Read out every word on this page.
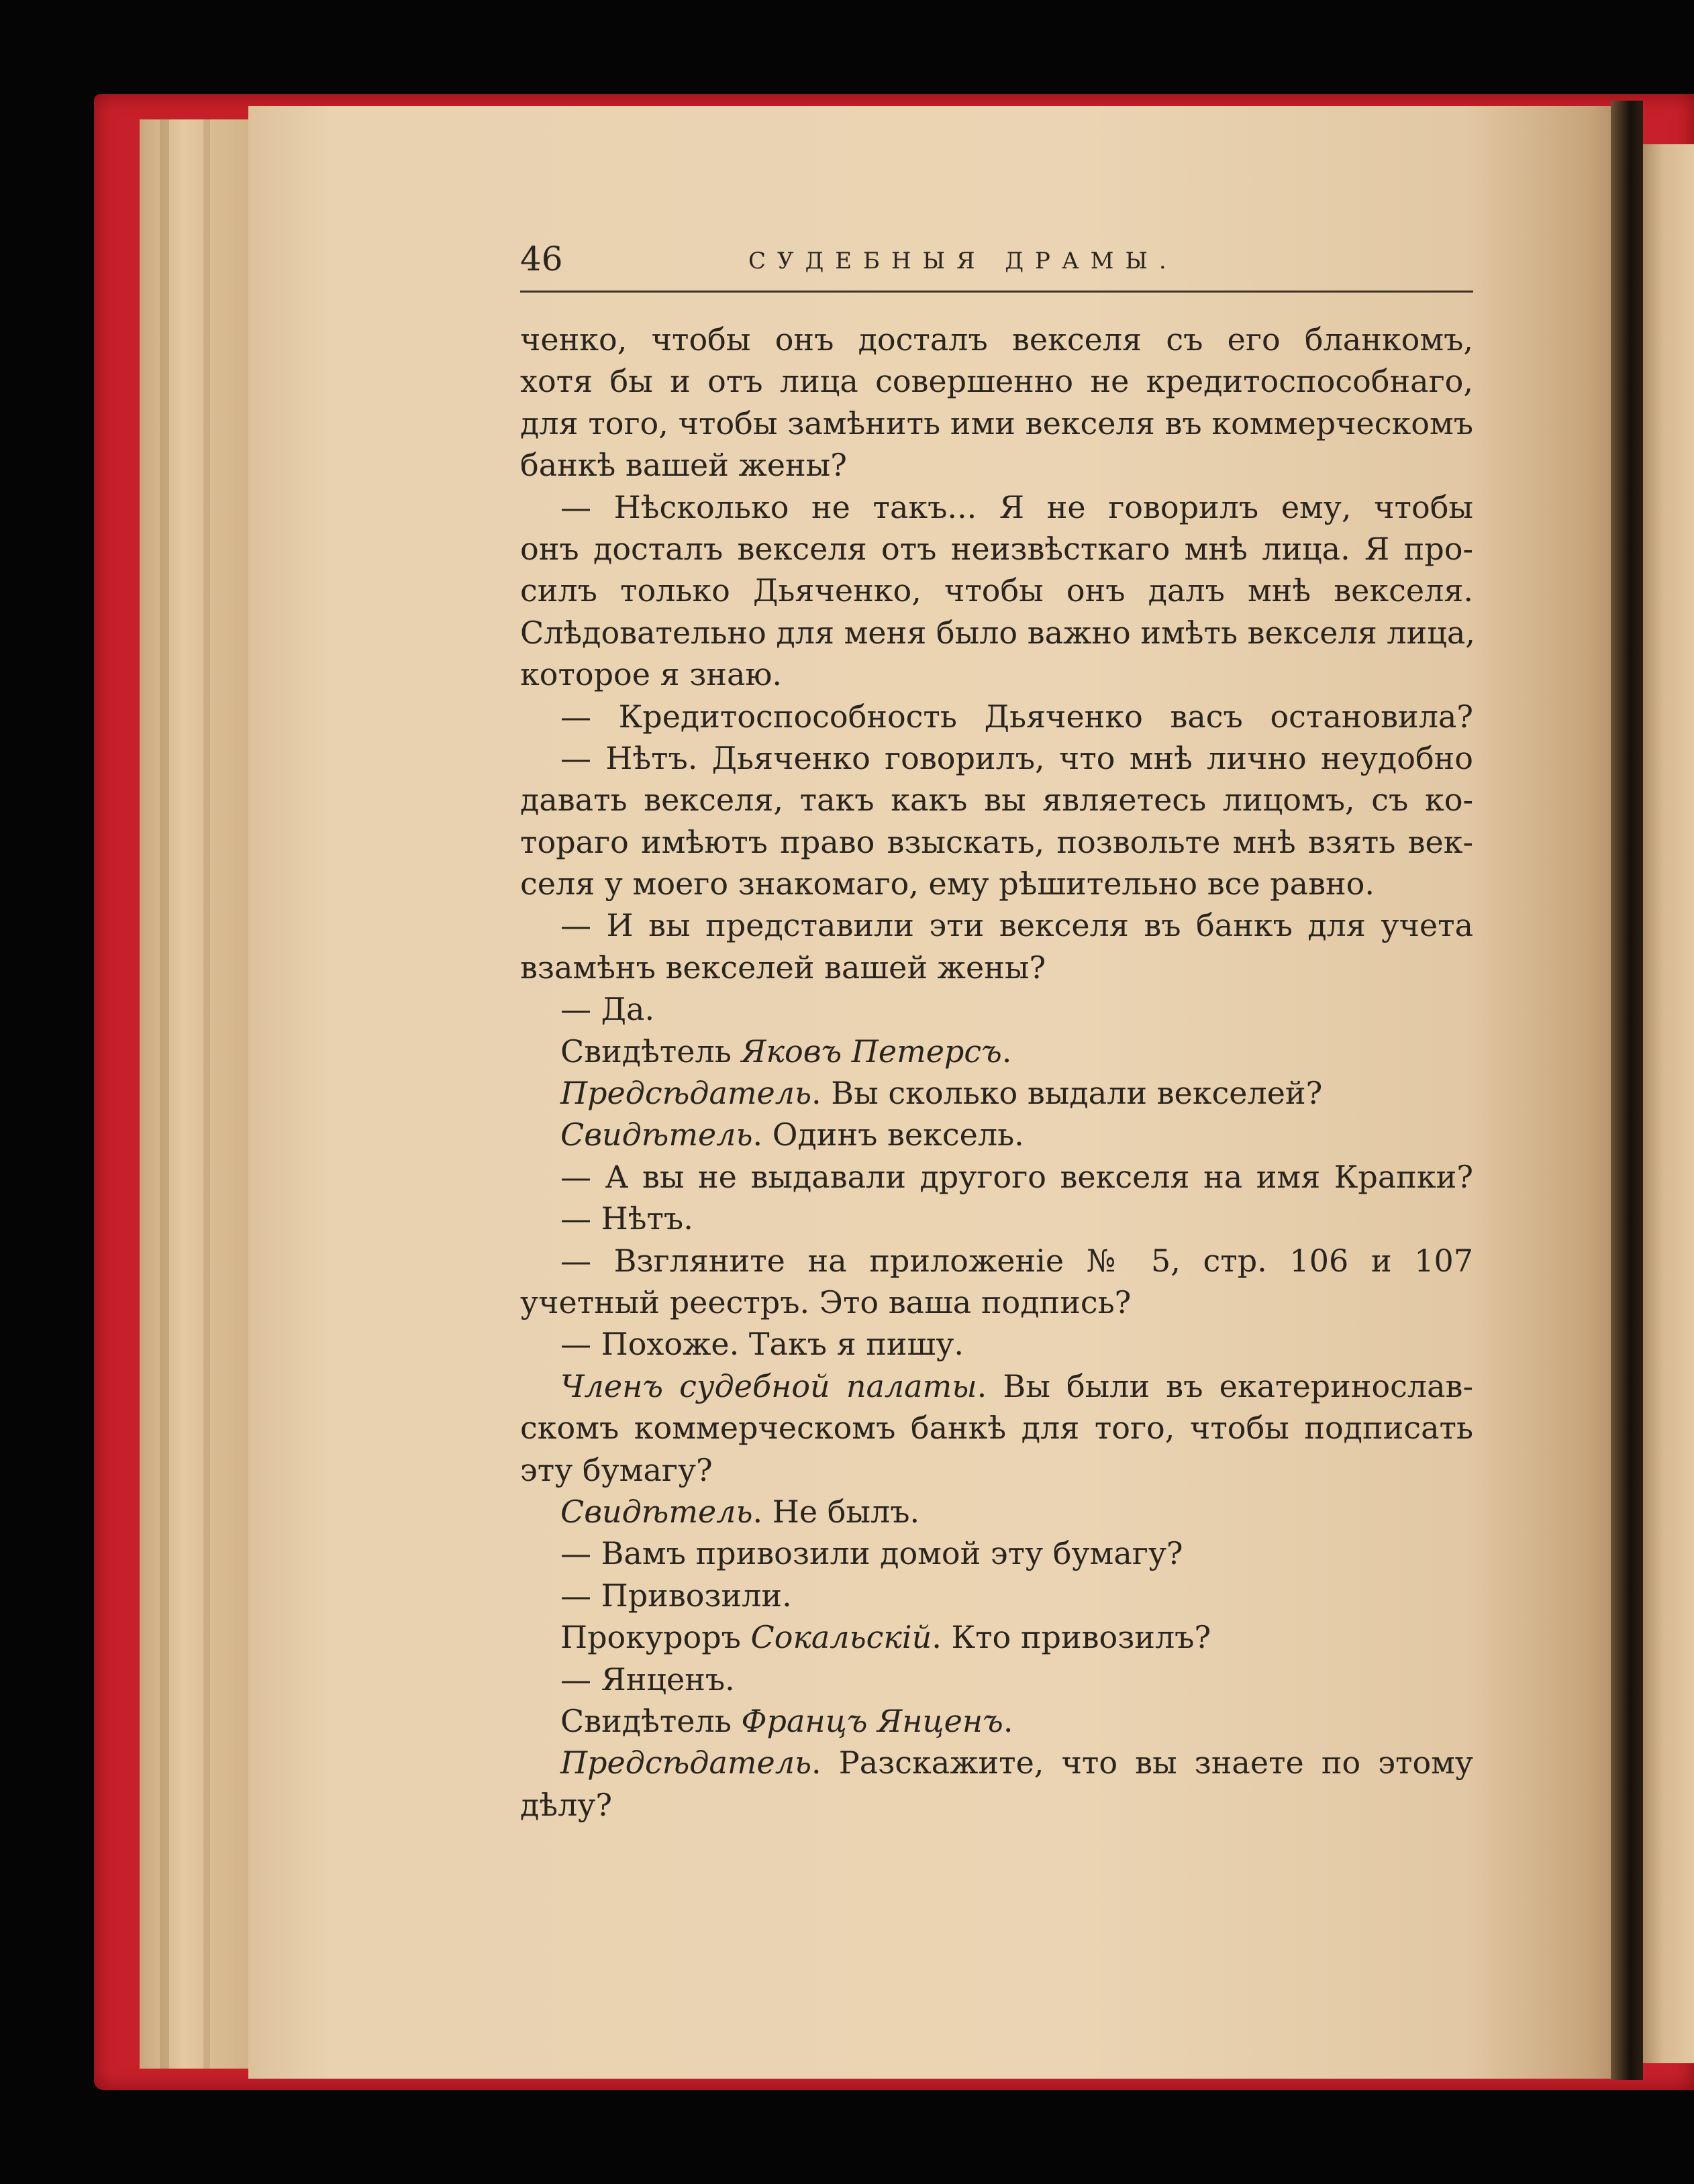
46	СУДЕБНЫЯ ДРАМЫ.
ченко, чтобы онъ досталъ векселя съ его бланкомъ,
хотя бы и отъ лица совершенно не кредитоспособнаго,
для того, чтобы замѣнить ими векселя въ коммерческомъ
банкѣ вашей жены?
— Нѣсколько не такъ... Я не говорилъ ему, чтобы
онъ досталъ векселя отъ неизвѣсткаго мнѣ лица. Я про-
силъ только Дьяченко, чтобы онъ далъ мнѣ векселя.
Слѣдовательно для меня было важно имѣть векселя лица,
которое я знаю.
— Кредитоспособность Дьяченко васъ остановила?
— Нѣтъ. Дьяченко говорилъ, что мнѣ лично неудобно
давать векселя, такъ какъ вы являетесь лицомъ, съ ко-
тораго имѣютъ право взыскать, позвольте мнѣ взять век-
селя у моего знакомаго, ему рѣшительно все равно.
— И вы представили эти векселя въ банкъ для учета
взамѣнъ векселей вашей жены?
— Да.
Свидѣтель Яковъ Петерсъ.
Предсѣдатель. Вы сколько выдали векселей?
Свидѣтель. Одинъ вексель.
— А вы не выдавали другого векселя на имя Крапки?
— Нѣтъ.
— Взгляните на приложеніе № 5, стр. 106 и 107
учетный реестръ. Это ваша подпись?
— Похоже. Такъ я пишу.
Членъ судебной палаты. Вы были въ екатеринослав-
скомъ коммерческомъ банкѣ для того, чтобы подписать
эту бумагу?
Свидѣтель. Не былъ.
— Вамъ привозили домой эту бумагу?
— Привозили.
Прокуроръ Сокальскій. Кто привозилъ?
— Янценъ.
Свидѣтель Францъ Янценъ.
Предсѣдатель. Разскажите, что вы знаете по этому
дѣлу?
